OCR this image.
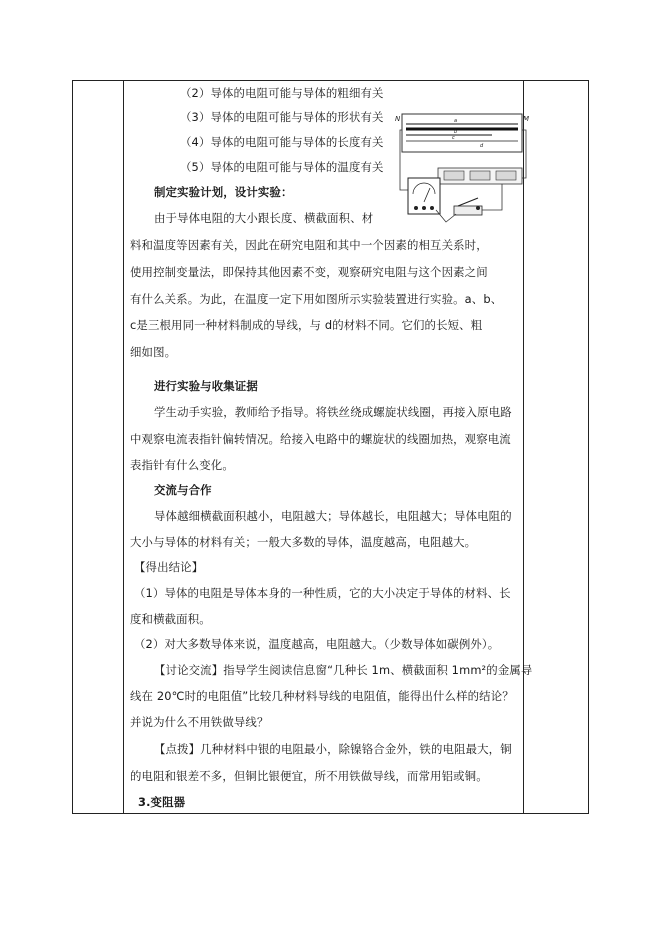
N	M
a
b
c
d
（2）导体的电阻可能与导体的粗细有关
（3）导体的电阻可能与导体的形状有关
（4）导体的电阻可能与导体的长度有关
（5）导体的电阻可能与导体的温度有关
制定实验计划，设计实验：
由于导体电阻的大小跟长度、横截面积、材
料和温度等因素有关，因此在研究电阻和其中一个因素的相互关系时，
使用控制变量法，即保持其他因素不变，观察研究电阻与这个因素之间
有什么关系。为此，在温度一定下用如图所示实验装置进行实验。a、b、
c是三根用同一种材料制成的导线，与 d的材料不同。它们的长短、粗
细如图。
进行实验与收集证据
学生动手实验，教师给予指导。将铁丝绕成螺旋状线圈，再接入原电路
中观察电流表指针偏转情况。给接入电路中的螺旋状的线圈加热，观察电流
表指针有什么变化。
交流与合作
导体越细横截面积越小，电阻越大；导体越长，电阻越大；导体电阻的
大小与导体的材料有关；一般大多数的导体，温度越高，电阻越大。
【得出结论】
（1）导体的电阻是导体本身的一种性质，它的大小决定于导体的材料、长
度和横截面积。
（2）对大多数导体来说，温度越高，电阻越大。（少数导体如碳例外）。
【讨论交流】指导学生阅读信息窗“几种长 1m、横截面积 1mm²的金属导
线在 20℃时的电阻值”比较几种材料导线的电阻值，能得出什么样的结论？
并说为什么不用铁做导线？
【点拨】几种材料中银的电阻最小，除镍铬合金外，铁的电阻最大，铜
的电阻和银差不多，但铜比银便宜，所不用铁做导线，而常用铝或铜。
3.变阻器
